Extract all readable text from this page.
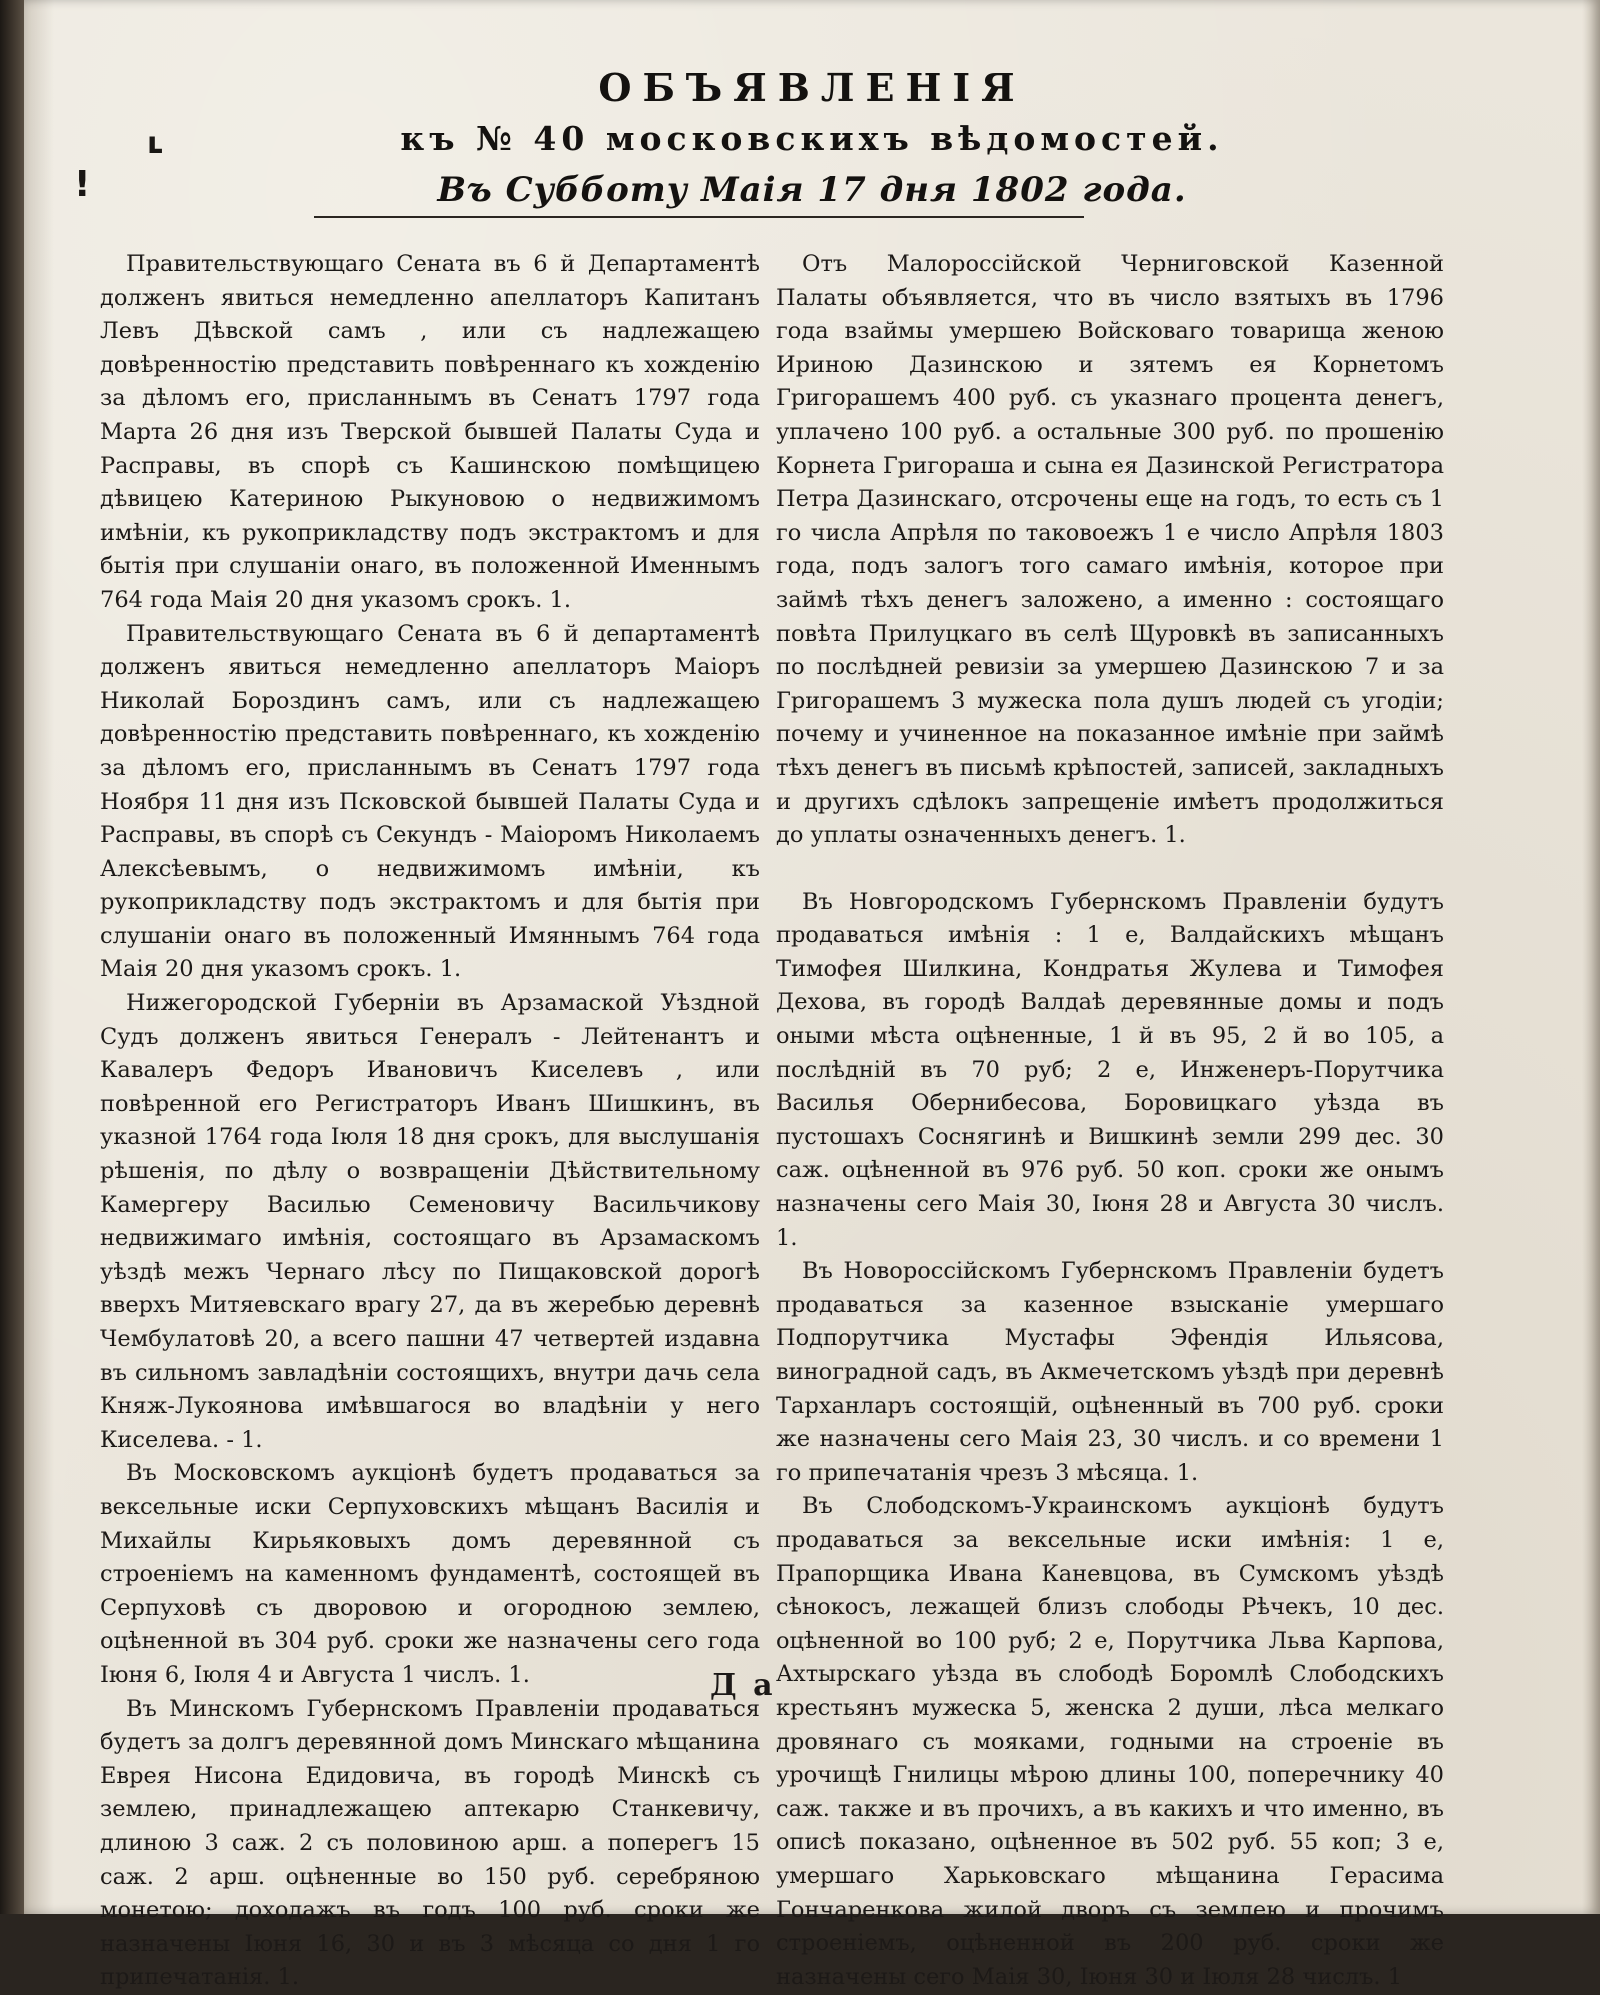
ʟ
!
ОБЪЯВЛЕНІЯ
къ № 40 московскихъ вѣдомостей.
Въ Субботу Маія 17 дня 1802 года.

Правительствующаго Сената въ 6 й Департаментѣ долженъ явиться немедленно апеллаторъ Капитанъ Левъ Дѣвской самъ , или съ надлежащею довѣренностію представить повѣреннаго къ хожденію за дѣломъ его, присланнымъ въ Сенатъ 1797 года Марта 26 дня изъ Тверской бывшей Палаты Суда и Расправы, въ спорѣ съ Кашинскою помѣщицею дѣвицею Катериною Рыкуновою о недвижимомъ имѣніи, къ рукоприкладству подъ экстрактомъ и для бытія при слушаніи онаго, въ положенной Именнымъ 764 года Маія 20 дня указомъ срокъ. 1.

Правительствующаго Сената въ 6 й департаментѣ долженъ явиться немедленно апеллаторъ Маіоръ Николай Бороздинъ самъ, или съ надлежащею довѣренностію представить повѣреннаго, къ хожденію за дѣломъ его, присланнымъ въ Сенатъ 1797 года Ноября 11 дня изъ Псковской бывшей Палаты Суда и Расправы, въ спорѣ съ Секундъ - Маіоромъ Николаемъ Алексѣевымъ, о недвижимомъ имѣніи, къ рукоприкладству подъ экстрактомъ и для бытія при слушаніи онаго въ положенный Имяннымъ 764 года Маія 20 дня указомъ срокъ. 1.

Нижегородской Губерніи въ Арзамаской Уѣздной Судъ долженъ явиться Генералъ - Лейтенантъ и Кавалеръ Федоръ Ивановичъ Киселевъ , или повѣренной его Регистраторъ Иванъ Шишкинъ, въ указной 1764 года Іюля 18 дня срокъ, для выслушанія рѣшенія, по дѣлу о возвращеніи Дѣйствительному Камергеру Василью Семеновичу Васильчикову недвижимаго имѣнія, состоящаго въ Арзамаскомъ уѣздѣ межъ Чернаго лѣсу по Пищаковской дорогѣ вверхъ Митяевскаго врагу 27, да въ жеребью деревнѣ Чембулатовѣ 20, а всего пашни 47 четвертей издавна въ сильномъ завладѣніи состоящихъ, внутри дачь села Княж-Лукоянова имѣвшагося во владѣніи у него Киселева. - 1.

Въ Московскомъ аукціонѣ будетъ продаваться за вексельные иски Серпуховскихъ мѣщанъ Василія и Михайлы Кирьяковыхъ домъ деревянной съ строеніемъ на каменномъ фундаментѣ, состоящей въ Серпуховѣ съ дворовою и огородною землею, оцѣненной въ 304 руб. сроки же назначены сего года Іюня 6, Іюля 4 и Августа 1 числъ. 1.

Въ Минскомъ Губернскомъ Правленіи продаваться будетъ за долгъ деревянной домъ Минскаго мѣщанина Еврея Нисона Едидовича, въ городѣ Минскѣ съ землею, принадлежащею аптекарю Станкевичу, длиною 3 саж. 2 съ половиною арш. а поперегъ 15 саж. 2 арш. оцѣненные во 150 руб. серебряною монетою; доходажъ въ годъ 100 руб. сроки же назначены Іюня 16, 30 и въ 3 мѣсяца со дня 1 го припечатанія. 1.

Отъ Малороссійской Черниговской Казенной Палаты объявляется, что въ число взятыхъ въ 1796 года взаймы умершею Войсковаго товарища женою Ириною Дазинскою и зятемъ ея Корнетомъ Григорашемъ 400 руб. съ указнаго процента денегъ, уплачено 100 руб. а остальные 300 руб. по прошенію Корнета Григораша и сына ея Дазинской Регистратора Петра Дазинскаго, отсрочены еще на годъ, то есть съ 1 го числа Апрѣля по таковоежъ 1 е число Апрѣля 1803 года, подъ залогъ того самаго имѣнія, которое при займѣ тѣхъ денегъ заложено, а именно : состоящаго повѣта Прилуцкаго въ селѣ Щуровкѣ въ записанныхъ по послѣдней ревизіи за умершею Дазинскою 7 и за Григорашемъ 3 мужеска пола душъ людей съ угодіи; почему и учиненное на показанное имѣніе при займѣ тѣхъ денегъ въ письмѣ крѣпостей, записей, закладныхъ и другихъ сдѣлокъ запрещеніе имѣетъ продолжиться до уплаты означенныхъ денегъ. 1.

Въ Новгородскомъ Губернскомъ Правленіи будутъ продаваться имѣнія : 1 е, Валдайскихъ мѣщанъ Тимофея Шилкина, Кондратья Жулева и Тимофея Дехова, въ городѣ Валдаѣ деревянные домы и подъ оными мѣста оцѣненные, 1 й въ 95, 2 й во 105, а послѣдній въ 70 руб; 2 е, Инженеръ-Порутчика Василья Обернибесова, Боровицкаго уѣзда въ пустошахъ Соснягинѣ и Вишкинѣ земли 299 дес. 30 саж. оцѣненной въ 976 руб. 50 коп. сроки же онымъ назначены сего Маія 30, Іюня 28 и Августа 30 числъ. 1.

Въ Новороссійскомъ Губернскомъ Правленіи будетъ продаваться за казенное взысканіе умершаго Подпорутчика Мустафы Эфендія Ильясова, виноградной садъ, въ Акмечетскомъ уѣздѣ при деревнѣ Тарханларъ состоящій, оцѣненный въ 700 руб. сроки же назначены сего Маія 23, 30 числъ. и со времени 1 го припечатанія чрезъ 3 мѣсяца. 1.

Въ Слободскомъ-Украинскомъ аукціонѣ будутъ продаваться за вексельные иски имѣнія: 1 е, Прапорщика Ивана Каневцова, въ Сумскомъ уѣздѣ сѣнокосъ, лежащей близъ слободы Рѣчекъ, 10 дес. оцѣненной во 100 руб; 2 е, Порутчика Льва Карпова, Ахтырскаго уѣзда въ слободѣ Боромлѣ Слободскихъ крестьянъ мужеска 5, женска 2 души, лѣса мелкаго дровянаго съ мояками, годными на строеніе въ урочищѣ Гнилицы мѣрою длины 100, поперечнику 40 саж. также и въ прочихъ, а въ какихъ и что именно, въ описѣ показано, оцѣненное въ 502 руб. 55 коп; 3 е, умершаго Харьковскаго мѣщанина Герасима Гончаренкова жилой дворъ съ землею и прочимъ строеніемъ, оцѣненной въ 200 руб. сроки же назначены сего Маія 30, Іюня 30 и Іюля 28 числъ. 1

Д а
